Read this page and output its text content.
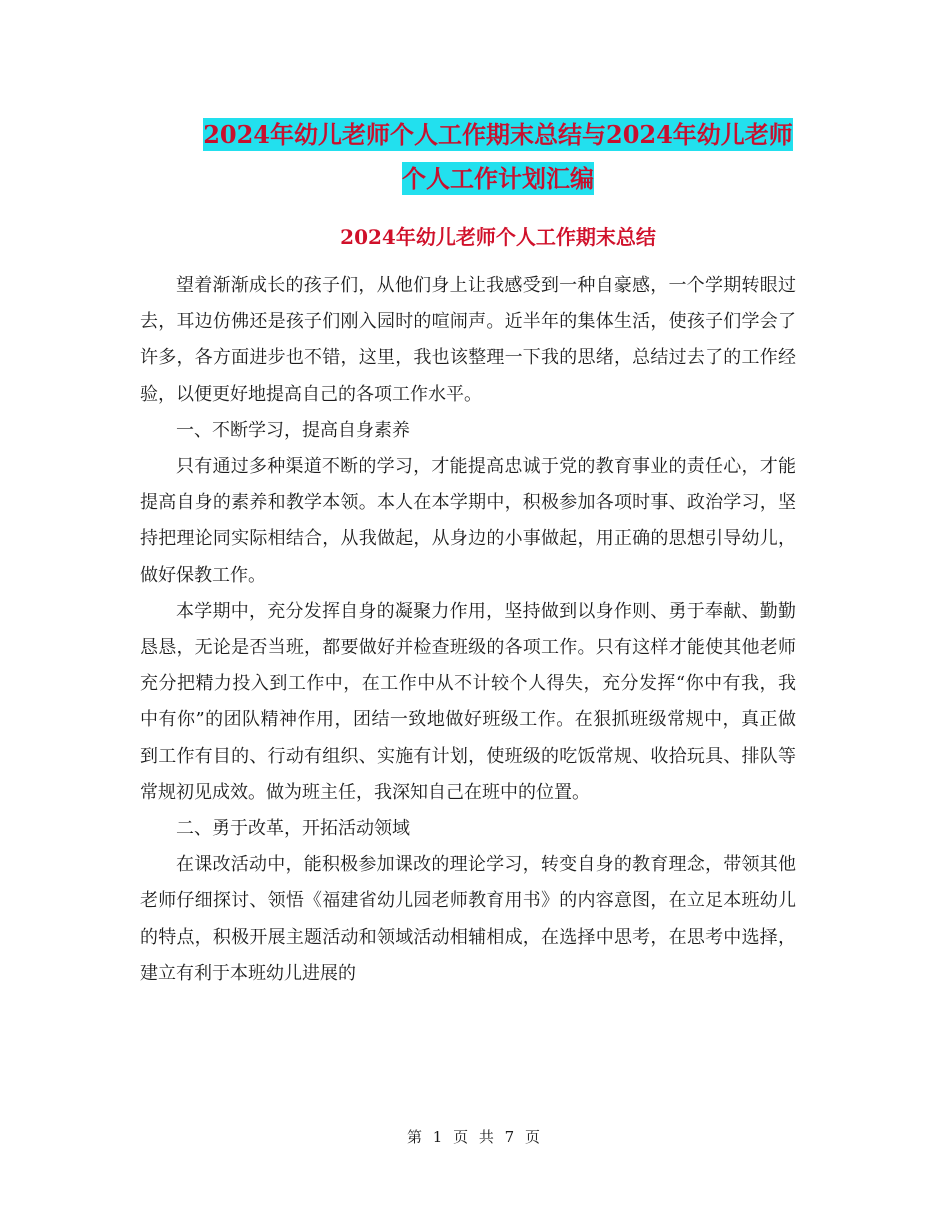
2024年幼儿老师个人工作期末总结与2024年幼儿老师
个人工作计划汇编
2024年幼儿老师个人工作期末总结

望着渐渐成长的孩子们，从他们身上让我感受到一种自豪感，一个学期转眼过去，耳边仿佛还是孩子们刚入园时的喧闹声。近半年的集体生活，使孩子们学会了许多，各方面进步也不错，这里，我也该整理一下我的思绪，总结过去了的工作经验，以便更好地提高自己的各项工作水平。

一、不断学习，提高自身素养

只有通过多种渠道不断的学习，才能提高忠诚于党的教育事业的责任心，才能提高自身的素养和教学本领。本人在本学期中，积极参加各项时事、政治学习，坚持把理论同实际相结合，从我做起，从身边的小事做起，用正确的思想引导幼儿，做好保教工作。

本学期中，充分发挥自身的凝聚力作用，坚持做到以身作则、勇于奉献、勤勤恳恳，无论是否当班，都要做好并检查班级的各项工作。只有这样才能使其他老师充分把精力投入到工作中，在工作中从不计较个人得失，充分发挥“你中有我，我中有你”的团队精神作用，团结一致地做好班级工作。在狠抓班级常规中，真正做到工作有目的、行动有组织、实施有计划，使班级的吃饭常规、收拾玩具、排队等常规初见成效。做为班主任，我深知自己在班中的位置。

二、勇于改革，开拓活动领域

在课改活动中，能积极参加课改的理论学习，转变自身的教育理念，带领其他老师仔细探讨、领悟《福建省幼儿园老师教育用书》的内容意图，在立足本班幼儿的特点，积极开展主题活动和领域活动相辅相成，在选择中思考，在思考中选择，建立有利于本班幼儿进展的

第 1 页 共 7 页
